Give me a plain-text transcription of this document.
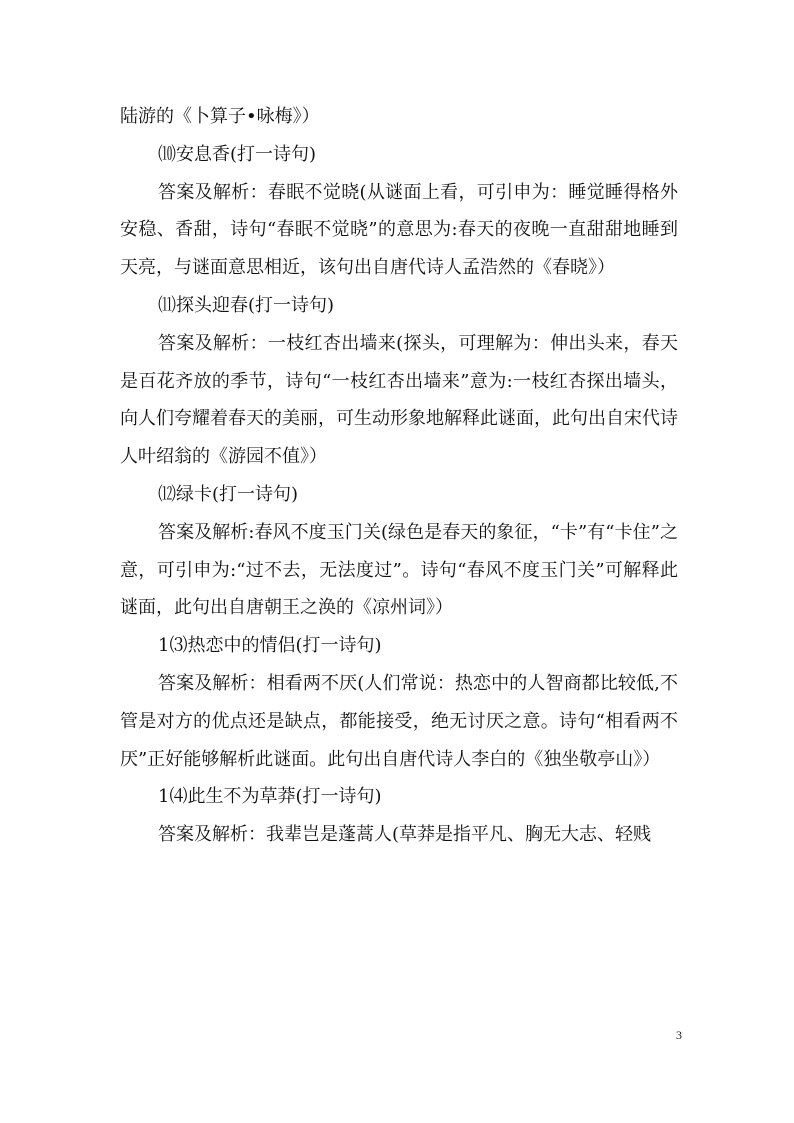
陆游的《卜算子•咏梅》）

⑽安息香(打一诗句)

答案及解析：春眠不觉晓(从谜面上看，可引申为：睡觉睡得格外安稳、香甜，诗句“春眠不觉晓”的意思为:春天的夜晚一直甜甜地睡到天亮，与谜面意思相近，该句出自唐代诗人孟浩然的《春晓》）

⑾探头迎春(打一诗句)

答案及解析：一枝红杏出墙来(探头，可理解为：伸出头来，春天是百花齐放的季节，诗句“一枝红杏出墙来”意为:一枝红杏探出墙头，向人们夸耀着春天的美丽，可生动形象地解释此谜面，此句出自宋代诗人叶绍翁的《游园不值》）

⑿绿卡(打一诗句)

答案及解析:春风不度玉门关(绿色是春天的象征，“卡”有“卡住”之意，可引申为:“过不去，无法度过”。诗句“春风不度玉门关”可解释此谜面，此句出自唐朝王之涣的《凉州词》）

1⑶热恋中的情侣(打一诗句)

答案及解析：相看两不厌(人们常说：热恋中的人智商都比较低,不管是对方的优点还是缺点，都能接受，绝无讨厌之意。诗句“相看两不厌”正好能够解析此谜面。此句出自唐代诗人李白的《独坐敬亭山》）

1⑷此生不为草莽(打一诗句)

答案及解析：我辈岂是蓬蒿人(草莽是指平凡、胸无大志、轻贱

3
